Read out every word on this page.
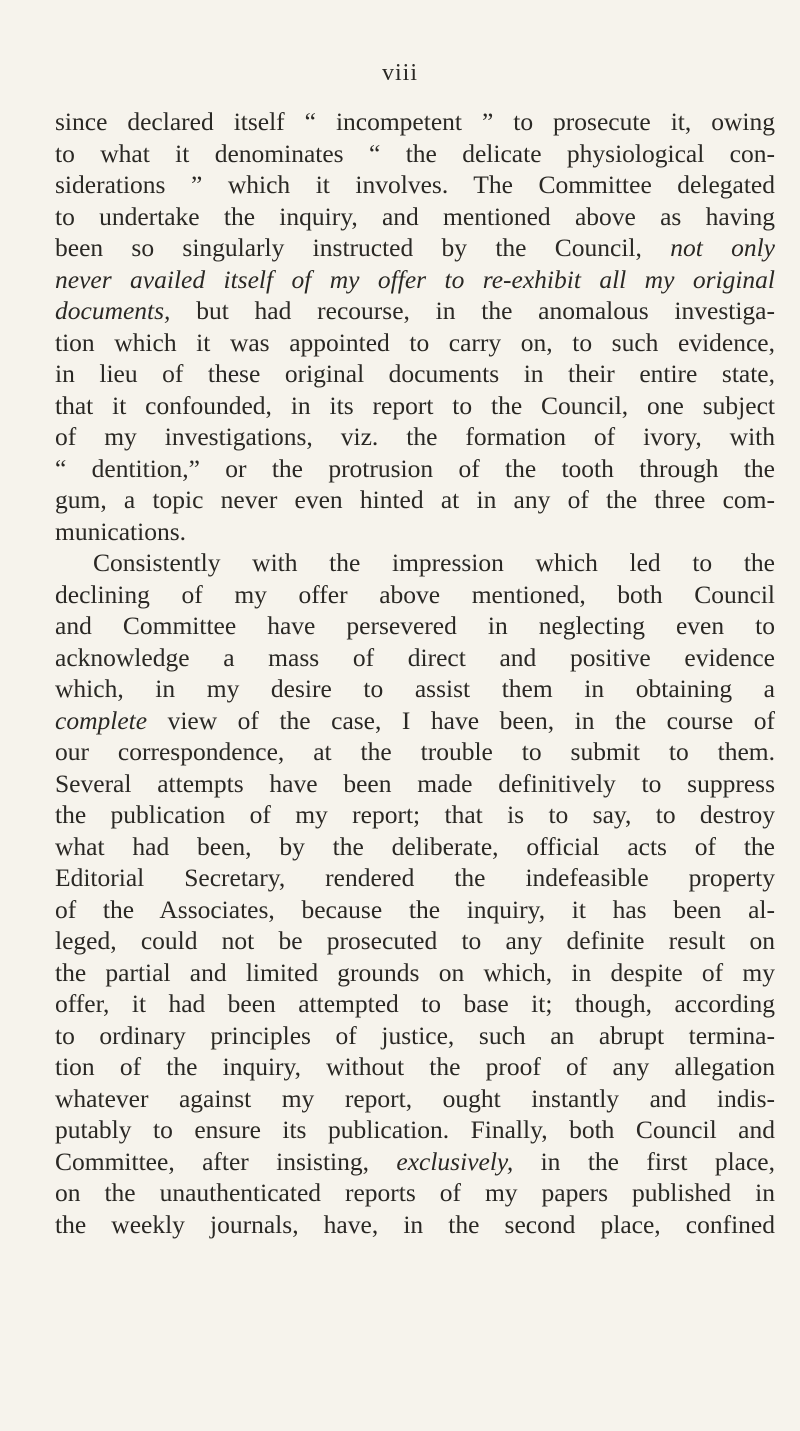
viii
since declared itself “ incompetent ” to prosecute it, owing
to what it denominates “ the delicate physiological con-
siderations ” which it involves. The Committee delegated
to undertake the inquiry, and mentioned above as having
been so singularly instructed by the Council, not only
never availed itself of my offer to re-exhibit all my original
documents, but had recourse, in the anomalous investiga-
tion which it was appointed to carry on, to such evidence,
in lieu of these original documents in their entire state,
that it confounded, in its report to the Council, one subject
of my investigations, viz. the formation of ivory, with
“ dentition,” or the protrusion of the tooth through the
gum, a topic never even hinted at in any of the three com-
munications.
Consistently with the impression which led to the
declining of my offer above mentioned, both Council
and Committee have persevered in neglecting even to
acknowledge a mass of direct and positive evidence
which, in my desire to assist them in obtaining a
complete view of the case, I have been, in the course of
our correspondence, at the trouble to submit to them.
Several attempts have been made definitively to suppress
the publication of my report; that is to say, to destroy
what had been, by the deliberate, official acts of the
Editorial Secretary, rendered the indefeasible property
of the Associates, because the inquiry, it has been al-
leged, could not be prosecuted to any definite result on
the partial and limited grounds on which, in despite of my
offer, it had been attempted to base it; though, according
to ordinary principles of justice, such an abrupt termina-
tion of the inquiry, without the proof of any allegation
whatever against my report, ought instantly and indis-
putably to ensure its publication. Finally, both Council and
Committee, after insisting, exclusively, in the first place,
on the unauthenticated reports of my papers published in
the weekly journals, have, in the second place, confined
